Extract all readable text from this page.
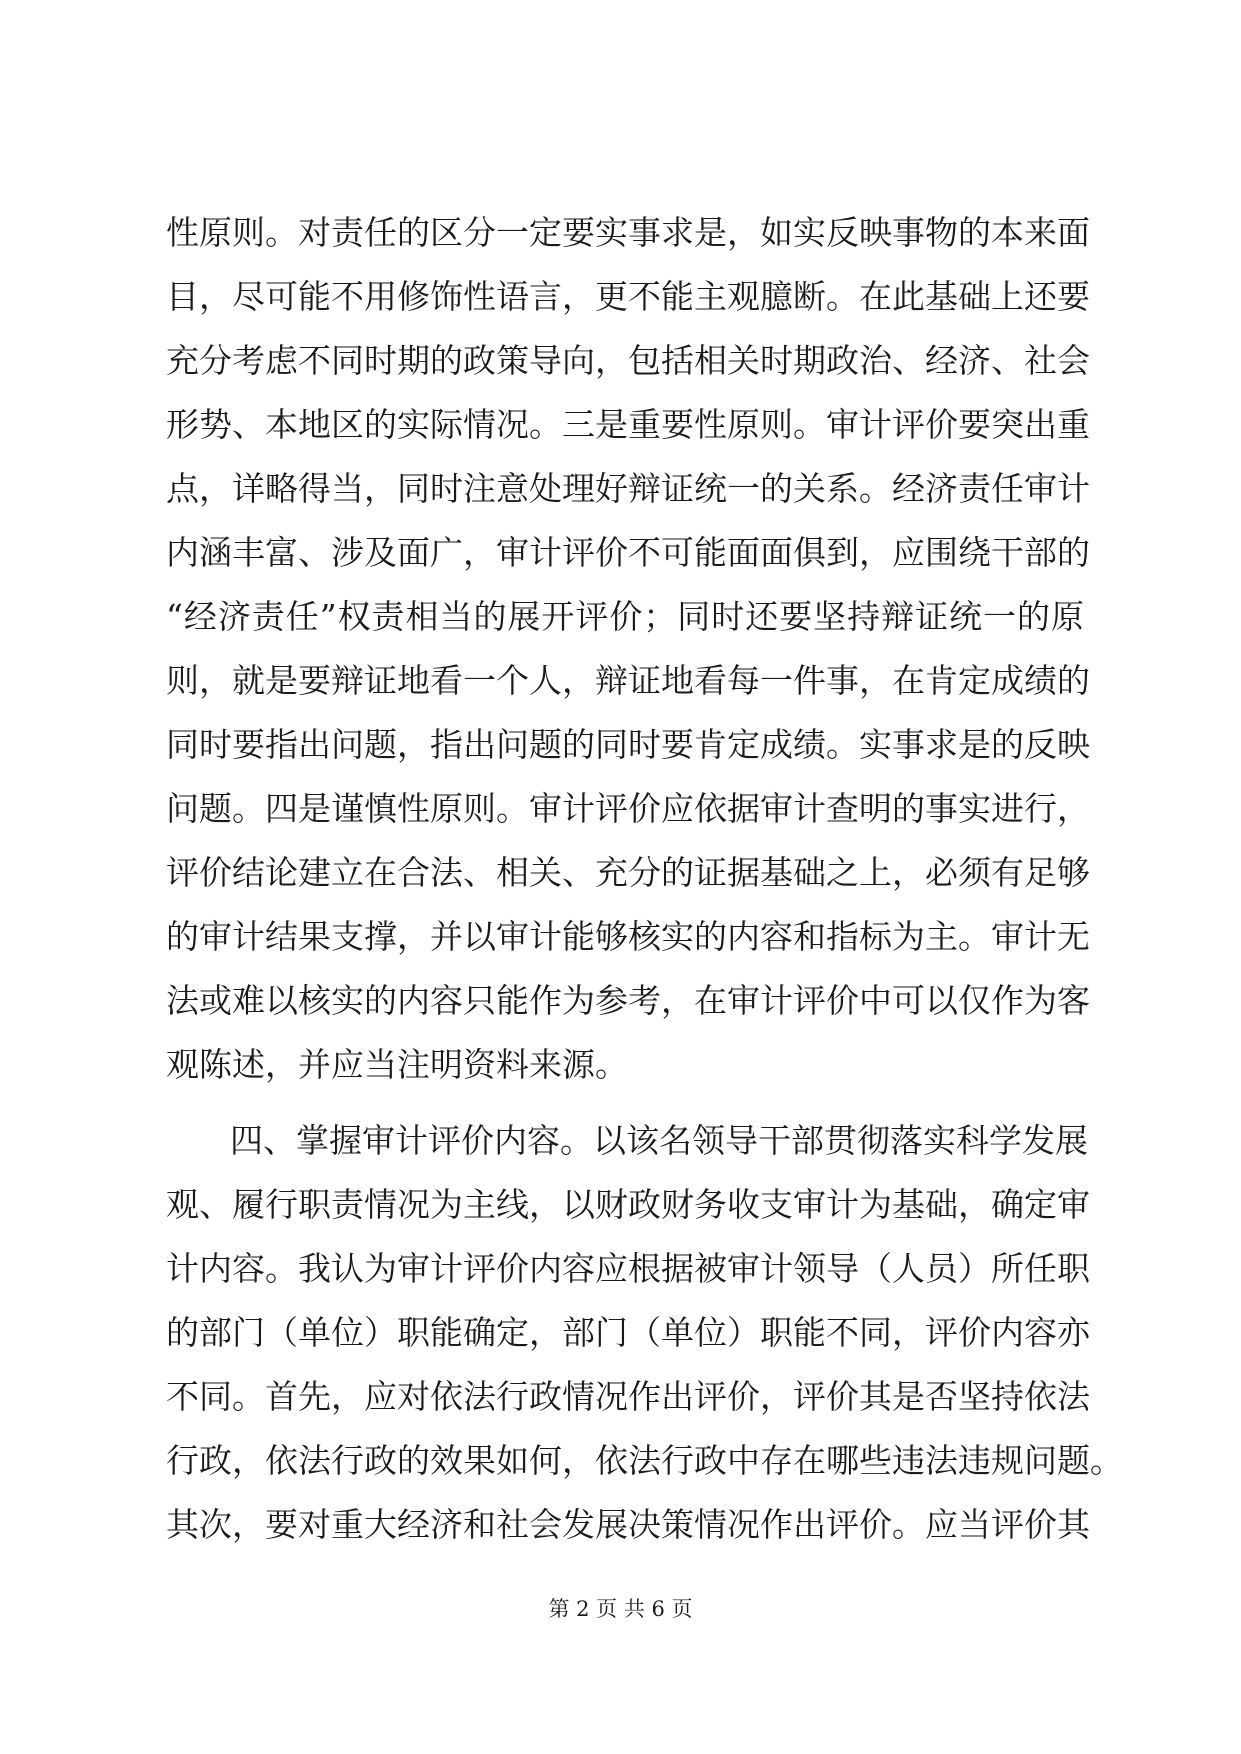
性原则。对责任的区分一定要实事求是，如实反映事物的本来面
目，尽可能不用修饰性语言，更不能主观臆断。在此基础上还要
充分考虑不同时期的政策导向，包括相关时期政治、经济、社会
形势、本地区的实际情况。三是重要性原则。审计评价要突出重
点，详略得当，同时注意处理好辩证统一的关系。经济责任审计
内涵丰富、涉及面广，审计评价不可能面面俱到，应围绕干部的
“经济责任”权责相当的展开评价；同时还要坚持辩证统一的原
则，就是要辩证地看一个人，辩证地看每一件事，在肯定成绩的
同时要指出问题，指出问题的同时要肯定成绩。实事求是的反映
问题。四是谨慎性原则。审计评价应依据审计查明的事实进行，
评价结论建立在合法、相关、充分的证据基础之上，必须有足够
的审计结果支撑，并以审计能够核实的内容和指标为主。审计无
法或难以核实的内容只能作为参考，在审计评价中可以仅作为客
观陈述，并应当注明资料来源。
四、掌握审计评价内容。以该名领导干部贯彻落实科学发展
观、履行职责情况为主线，以财政财务收支审计为基础，确定审
计内容。我认为审计评价内容应根据被审计领导（人员）所任职
的部门（单位）职能确定，部门（单位）职能不同，评价内容亦
不同。首先，应对依法行政情况作出评价，评价其是否坚持依法
行政，依法行政的效果如何，依法行政中存在哪些违法违规问题。
其次，要对重大经济和社会发展决策情况作出评价。应当评价其
第 2 页 共 6 页
